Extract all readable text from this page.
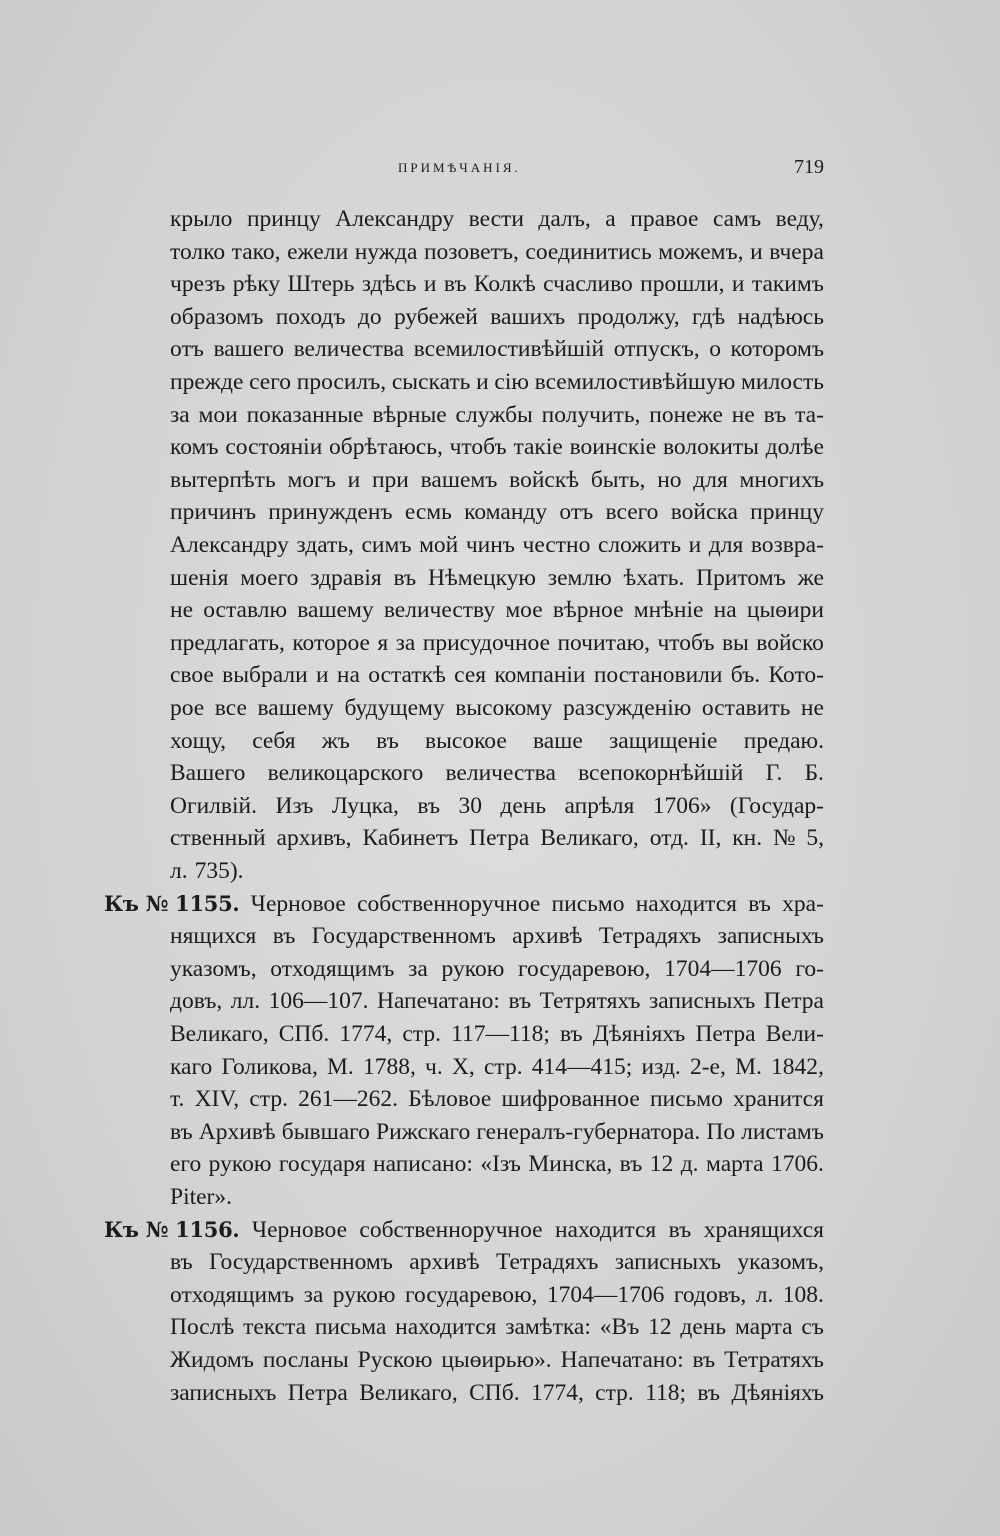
ПРИМѢЧАНІЯ.	719
крыло принцу Александру вести далъ, а правое самъ веду,
толко тако, ежели нужда позоветъ, соединитись можемъ, и вчера
чрезъ рѣку Штерь здѣсь и въ Колкѣ счасливо прошли, и такимъ
образомъ походъ до рубежей вашихъ продолжу, гдѣ надѣюсь
отъ вашего величества всемилостивѣйшій отпускъ, о которомъ
прежде сего просилъ, сыскать и сію всемилостивѣйшую милость
за мои показанные вѣрные службы получить, понеже не въ та-
комъ состояніи обрѣтаюсь, чтобъ такіе воинскіе волокиты долѣе
вытерпѣть могъ и при вашемъ войскѣ быть, но для многихъ
причинъ принужденъ есмь команду отъ всего войска принцу
Александру здать, симъ мой чинъ честно сложить и для возвра-
шенія моего здравія въ Нѣмецкую землю ѣхать. Притомъ же
не оставлю вашему величеству мое вѣрное мнѣніе на цыөири
предлагать, которое я за присудочное почитаю, чтобъ вы войско
свое выбрали и на остаткѣ сея компаніи постановили бъ. Кото-
рое все вашему будущему высокому разсужденію оставить не
хощу, себя жъ въ высокое ваше защищеніе предаю.
Вашего великоцарского величества всепокорнѣйшій Г. Б.
Огилвій. Изъ Луцка, въ 30 день апрѣля 1706» (Государ-
ственный архивъ, Кабинетъ Петра Великаго, отд. II, кн. № 5,
л. 735).
Къ № 1155. Черновое собственноручное письмо находится въ хра-
нящихся въ Государственномъ архивѣ Тетрадяхъ записныхъ
указомъ, отходящимъ за рукою государевою, 1704—1706 го-
довъ, лл. 106—107. Напечатано: въ Тетрятяхъ записныхъ Петра
Великаго, СПб. 1774, стр. 117—118; въ Дѣяніяхъ Петра Вели-
каго Голикова, М. 1788, ч. X, стр. 414—415; изд. 2-е, М. 1842,
т. XIV, стр. 261—262. Бѣловое шифрованное письмо хранится
въ Архивѣ бывшаго Рижскаго генералъ-губернатора. По листамъ
его рукою государя написано: «Ізъ Минска, въ 12 д. марта 1706.
Piter».
Къ № 1156. Черновое собственноручное находится въ хранящихся
въ Государственномъ архивѣ Тетрадяхъ записныхъ указомъ,
отходящимъ за рукою государевою, 1704—1706 годовъ, л. 108.
Послѣ текста письма находится замѣтка: «Въ 12 день марта съ
Жидомъ посланы Рускою цыөирью». Напечатано: въ Тетратяхъ
записныхъ Петра Великаго, СПб. 1774, стр. 118; въ Дѣяніяхъ
